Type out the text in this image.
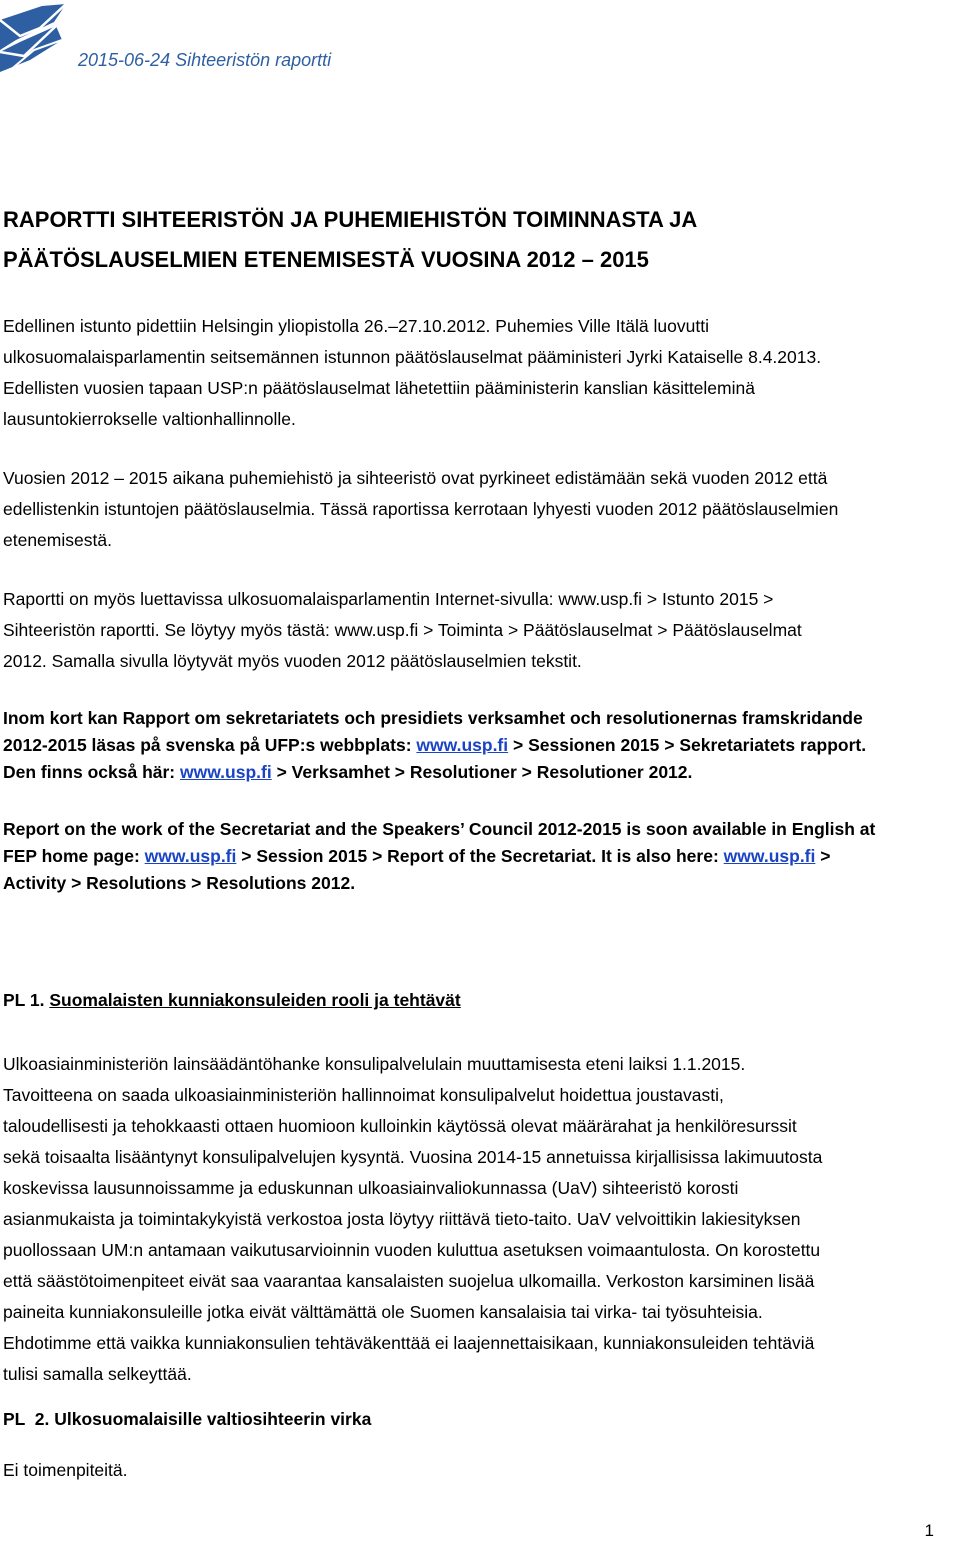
2015-06-24 Sihteeristön raportti
RAPORTTI SIHTEERISTÖN JA PUHEMIEHISTÖN TOIMINNASTA JA
PÄÄTÖSLAUSELMIEN ETENEMISESTÄ VUOSINA 2012 – 2015

Edellinen istunto pidettiin Helsingin yliopistolla 26.–27.10.2012. Puhemies Ville Itälä luovutti
ulkosuomalaisparlamentin seitsemännen istunnon päätöslauselmat pääministeri Jyrki Kataiselle 8.4.2013.
Edellisten vuosien tapaan USP:n päätöslauselmat lähetettiin pääministerin kanslian käsitteleminä
lausuntokierrokselle valtionhallinnolle.

Vuosien 2012 – 2015 aikana puhemiehistö ja sihteeristö ovat pyrkineet edistämään sekä vuoden 2012 että
edellistenkin istuntojen päätöslauselmia. Tässä raportissa kerrotaan lyhyesti vuoden 2012 päätöslauselmien
etenemisestä.

Raportti on myös luettavissa ulkosuomalaisparlamentin Internet-sivulla: www.usp.fi > Istunto 2015 >
Sihteeristön raportti. Se löytyy myös tästä: www.usp.fi > Toiminta > Päätöslauselmat > Päätöslauselmat
2012. Samalla sivulla löytyvät myös vuoden 2012 päätöslauselmien tekstit.

Inom kort kan Rapport om sekretariatets och presidiets verksamhet och resolutionernas framskridande
2012-2015 läsas på svenska på UFP:s webbplats: www.usp.fi > Sessionen 2015 > Sekretariatets rapport.
Den finns också här: www.usp.fi > Verksamhet > Resolutioner > Resolutioner 2012.

Report on the work of the Secretariat and the Speakers’ Council 2012-2015 is soon available in English at
FEP home page: www.usp.fi > Session 2015 > Report of the Secretariat. It is also here: www.usp.fi >
Activity > Resolutions > Resolutions 2012.

PL 1. Suomalaisten kunniakonsuleiden rooli ja tehtävät

Ulkoasiainministeriön lainsäädäntöhanke konsulipalvelulain muuttamisesta eteni laiksi 1.1.2015.
Tavoitteena on saada ulkoasiainministeriön hallinnoimat konsulipalvelut hoidettua joustavasti,
taloudellisesti ja tehokkaasti ottaen huomioon kulloinkin käytössä olevat määrärahat ja henkilöresurssit
sekä toisaalta lisääntynyt konsulipalvelujen kysyntä. Vuosina 2014-15 annetuissa kirjallisissa lakimuutosta
koskevissa lausunnoissamme ja eduskunnan ulkoasiainvaliokunnassa (UaV) sihteeristö korosti
asianmukaista ja toimintakykyistä verkostoa josta löytyy riittävä tieto-taito. UaV velvoittikin lakiesityksen
puollossaan UM:n antamaan vaikutusarvioinnin vuoden kuluttua asetuksen voimaantulosta. On korostettu
että säästötoimenpiteet eivät saa vaarantaa kansalaisten suojelua ulkomailla. Verkoston karsiminen lisää
paineita kunniakonsuleille jotka eivät välttämättä ole Suomen kansalaisia tai virka- tai työsuhteisia.
Ehdotimme että vaikka kunniakonsulien tehtäväkenttää ei laajennettaisikaan, kunniakonsuleiden tehtäviä
tulisi samalla selkeyttää.

PL  2. Ulkosuomalaisille valtiosihteerin virka

Ei toimenpiteitä.

1
